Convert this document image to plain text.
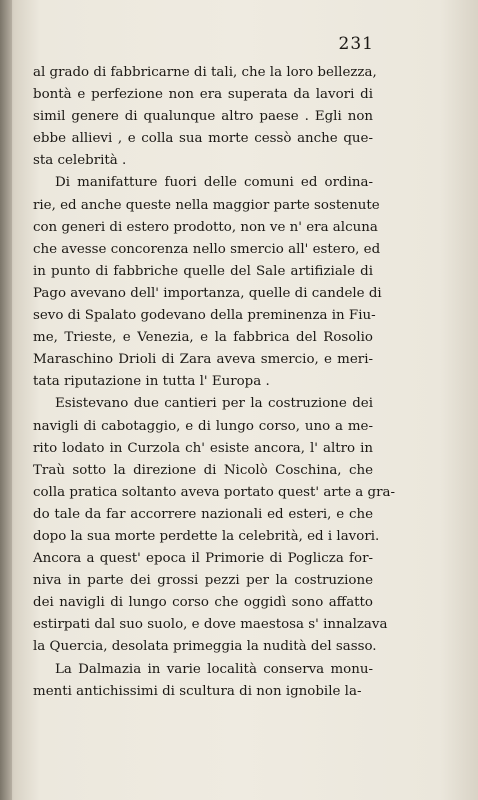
231
al grado di fabbricarne di tali, che la loro bellezza,
bontà e perfezione non era superata da lavori di
simil genere di qualunque altro paese . Egli non
ebbe allievi , e colla sua morte cessò anche que-
sta celebrità .
Di manifatture fuori delle comuni ed ordina-
rie, ed anche queste nella maggior parte sostenute
con generi di estero prodotto, non ve n' era alcuna
che avesse concorenza nello smercio all' estero, ed
in punto di fabbriche quelle del Sale artifiziale di
Pago avevano dell' importanza, quelle di candele di
sevo di Spalato godevano della preminenza in Fiu-
me, Trieste, e Venezia, e la fabbrica del Rosolio
Maraschino Drioli di Zara aveva smercio, e meri-
tata riputazione in tutta l' Europa .
Esistevano due cantieri per la costruzione dei
navigli di cabotaggio, e di lungo corso, uno a me-
rito lodato in Curzola ch' esiste ancora, l' altro in
Traù sotto la direzione di Nicolò Coschina, che
colla pratica soltanto aveva portato quest' arte a gra-
do tale da far accorrere nazionali ed esteri, e che
dopo la sua morte perdette la celebrità, ed i lavori.
Ancora a quest' epoca il Primorie di Poglicza for-
niva in parte dei grossi pezzi per la costruzione
dei navigli di lungo corso che oggidì sono affatto
estirpati dal suo suolo, e dove maestosa s' innalzava
la Quercia, desolata primeggia la nudità del sasso.
La Dalmazia in varie località conserva monu-
menti antichissimi di scultura di non ignobile la-
